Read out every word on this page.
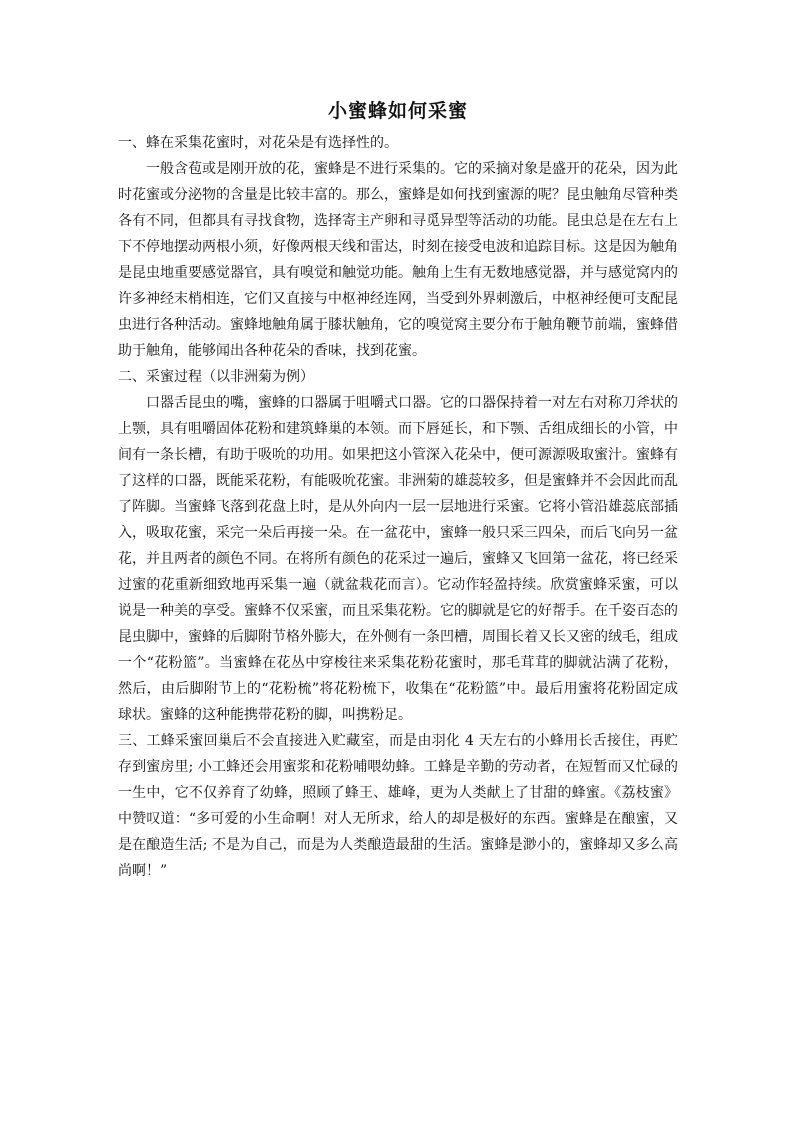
小蜜蜂如何采蜜

一、蜂在采集花蜜时，对花朵是有选择性的。

一般含苞或是刚开放的花，蜜蜂是不进行采集的。它的采摘对象是盛开的花朵，因为此时花蜜或分泌物的含量是比较丰富的。那么，蜜蜂是如何找到蜜源的呢？昆虫触角尽管种类各有不同，但都具有寻找食物，选择寄主产卵和寻觅异型等活动的功能。昆虫总是在左右上下不停地摆动两根小须，好像两根天线和雷达，时刻在接受电波和追踪目标。这是因为触角是昆虫地重要感觉器官，具有嗅觉和触觉功能。触角上生有无数地感觉器，并与感觉窝内的许多神经末梢相连，它们又直接与中枢神经连网，当受到外界刺激后，中枢神经便可支配昆虫进行各种活动。蜜蜂地触角属于膝状触角，它的嗅觉窝主要分布于触角鞭节前端，蜜蜂借助于触角，能够闻出各种花朵的香味，找到花蜜。

二、采蜜过程（以非洲菊为例）

口器舌昆虫的嘴，蜜蜂的口器属于咀嚼式口器。它的口器保持着一对左右对称刀斧状的上颚，具有咀嚼固体花粉和建筑蜂巢的本领。而下唇延长，和下颚、舌组成细长的小管，中间有一条长槽，有助于吸吮的功用。如果把这小管深入花朵中，便可源源吸取蜜汁。蜜蜂有了这样的口器，既能采花粉，有能吸吮花蜜。非洲菊的雄蕊较多，但是蜜蜂并不会因此而乱了阵脚。当蜜蜂飞落到花盘上时，是从外向内一层一层地进行采蜜。它将小管沿雄蕊底部插入，吸取花蜜，采完一朵后再接一朵。在一盆花中，蜜蜂一般只采三四朵，而后飞向另一盆花，并且两者的颜色不同。在将所有颜色的花采过一遍后，蜜蜂又飞回第一盆花，将已经采过蜜的花重新细致地再采集一遍（就盆栽花而言）。它动作轻盈持续。欣赏蜜蜂采蜜，可以说是一种美的享受。蜜蜂不仅采蜜，而且采集花粉。它的脚就是它的好帮手。在千姿百态的昆虫脚中，蜜蜂的后脚附节格外膨大，在外侧有一条凹槽，周围长着又长又密的绒毛，组成一个“花粉篮”。当蜜蜂在花丛中穿梭往来采集花粉花蜜时，那毛茸茸的脚就沾满了花粉，然后，由后脚附节上的“花粉梳”将花粉梳下，收集在“花粉篮”中。最后用蜜将花粉固定成球状。蜜蜂的这种能携带花粉的脚，叫携粉足。

三、工蜂采蜜回巢后不会直接进入贮藏室，而是由羽化 4 天左右的小蜂用长舌接住，再贮存到蜜房里; 小工蜂还会用蜜浆和花粉哺喂幼蜂。工蜂是辛勤的劳动者，在短暂而又忙碌的一生中，它不仅养育了幼蜂，照顾了蜂王、雄峰，更为人类献上了甘甜的蜂蜜。《荔枝蜜》中赞叹道：“多可爱的小生命啊！对人无所求，给人的却是极好的东西。蜜蜂是在酿蜜，又是在酿造生活; 不是为自己，而是为人类酿造最甜的生活。蜜蜂是渺小的，蜜蜂却又多么高尚啊！”
